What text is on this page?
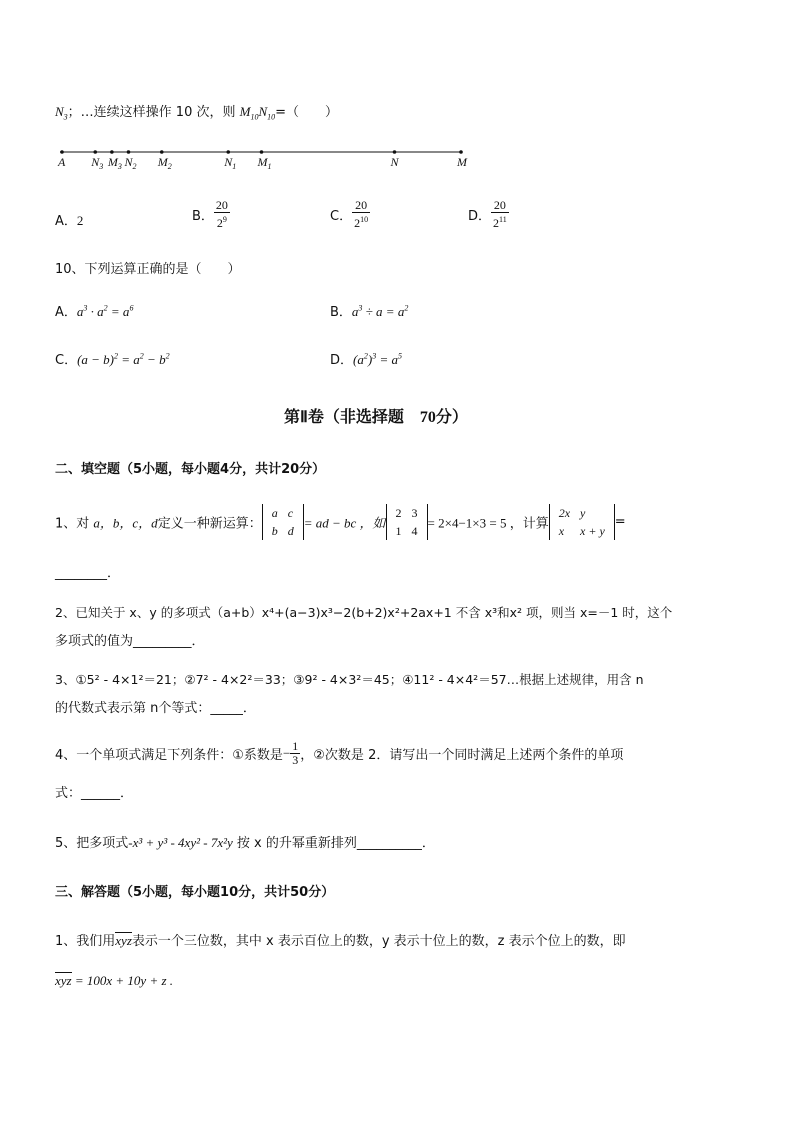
$N_3$；…连续这样操作 10 次，则 $M_{10}N_{10}=$（　　）
A $N_3$ $M_3$ $N_2$ $M_2$	$N_1$ $M_1$	N	M
A．2	B． $\frac{20}{2^9}$	C． $\frac{20}{2^{10}}$	D． $\frac{20}{2^{11}}$
10、下列运算正确的是（　　）
A．$a^3 \cdot a^2 = a^6$	B．$a^3 \div a = a^2$
C．$(a - b)^2 = a^2 - b^2$	D．$(a^2)^3 = a^5$
第Ⅱ卷（非选择题　70分）
二、填空题（5小题，每小题4分，共计20分）
1、对 a，b，c，d定义一种新运算：
a	c
b	d
= ad − bc ，如
2	3
1	4
= 2×4−1×3 = 5 ，计算
2x	y
x	x + y
=
________．
2、已知关于 x、y 的多项式（a+b）x⁴+(a−3)x³−2(b+2)x²+2ax+1 不含 x³和x² 项，则当 x=－1 时，这个
多项式的值为_________．
3、①5² - 4×1²＝21；②7² - 4×2²＝33；③9² - 4×3²＝45；④11² - 4×4²＝57…根据上述规律，用含 n
的代数式表示第 n个等式：_____．
4、一个单项式满足下列条件：①系数是− $\frac{1}{3}$ ，②次数是 2．请写出一个同时满足上述两个条件的单项
式：______．
5、把多项式-x³ + y³ - 4xy² - 7x²y 按 x 的升幂重新排列__________．
三、解答题（5小题，每小题10分，共计50分）
1、我们用xyz表示一个三位数，其中 x 表示百位上的数，y 表示十位上的数，z 表示个位上的数，即
xyz = 100x + 10y + z .
